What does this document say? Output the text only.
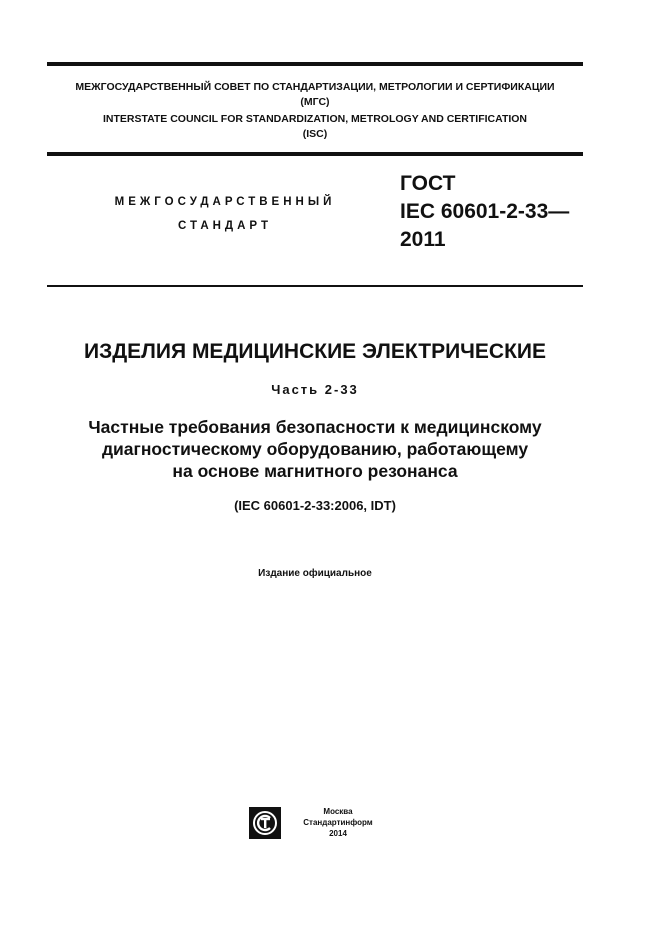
МЕЖГОСУДАРСТВЕННЫЙ СОВЕТ ПО СТАНДАРТИЗАЦИИ, МЕТРОЛОГИИ И СЕРТИФИКАЦИИ
(МГС)
INTERSTATE COUNCIL FOR STANDARDIZATION, METROLOGY AND CERTIFICATION
(ISC)
МЕЖГОСУДАРСТВЕННЫЙ
СТАНДАРТ
ГОСТ
IEC 60601-2-33—
2011
ИЗДЕЛИЯ МЕДИЦИНСКИЕ ЭЛЕКТРИЧЕСКИЕ
Часть 2-33
Частные требования безопасности к медицинскому
диагностическому оборудованию, работающему
на основе магнитного резонанса
(IEC 60601-2-33:2006, IDT)
Издание официальное
Москва
Стандартинформ
2014
